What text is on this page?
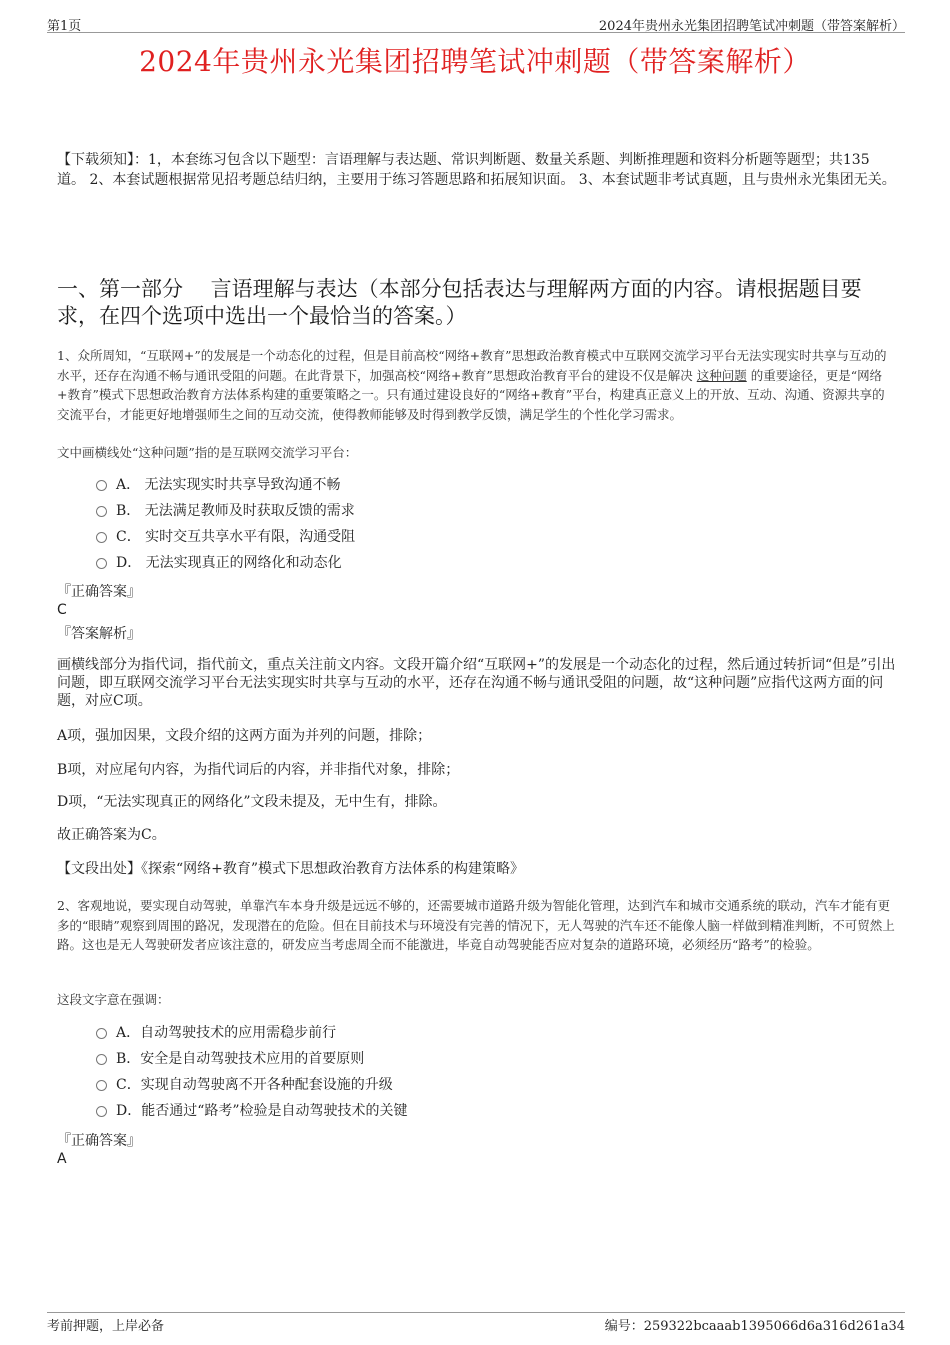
第1页	2024年贵州永光集团招聘笔试冲刺题（带答案解析）
2024年贵州永光集团招聘笔试冲刺题（带答案解析）
【下载须知】：1，本套练习包含以下题型：言语理解与表达题、常识判断题、数量关系题、判断推理题和资料分析题等题型；共135道。 2、本套试题根据常见招考题总结归纳，主要用于练习答题思路和拓展知识面。 3、本套试题非考试真题，且与贵州永光集团无关。
一、第一部分　 言语理解与表达（本部分包括表达与理解两方面的内容。请根据题目要求，在四个选项中选出一个最恰当的答案。）
1、众所周知，“互联网+”的发展是一个动态化的过程，但是目前高校“网络+教育”思想政治教育模式中互联网交流学习平台无法实现实时共享与互动的水平，还存在沟通不畅与通讯受阻的问题。在此背景下，加强高校“网络+教育”思想政治教育平台的建设不仅是解决 这种问题 的重要途径，更是“网络+教育”模式下思想政治教育方法体系构建的重要策略之一。只有通过建设良好的“网络+教育”平台，构建真正意义上的开放、互动、沟通、资源共享的交流平台，才能更好地增强师生之间的互动交流，使得教师能够及时得到教学反馈，满足学生的个性化学习需求。
文中画横线处“这种问题”指的是互联网交流学习平台：
A． 无法实现实时共享导致沟通不畅
B． 无法满足教师及时获取反馈的需求
C． 实时交互共享水平有限，沟通受阻
D． 无法实现真正的网络化和动态化
『正确答案』
C
『答案解析』
画横线部分为指代词，指代前文，重点关注前文内容。文段开篇介绍“互联网+”的发展是一个动态化的过程，然后通过转折词“但是”引出问题，即互联网交流学习平台无法实现实时共享与互动的水平，还存在沟通不畅与通讯受阻的问题，故“这种问题”应指代这两方面的问题，对应C项。
A项，强加因果，文段介绍的这两方面为并列的问题，排除；
B项，对应尾句内容，为指代词后的内容，并非指代对象，排除；
D项，“无法实现真正的网络化”文段未提及，无中生有，排除。
故正确答案为C。
【文段出处】《探索“网络+教育”模式下思想政治教育方法体系的构建策略》
2、客观地说，要实现自动驾驶，单靠汽车本身升级是远远不够的，还需要城市道路升级为智能化管理，达到汽车和城市交通系统的联动，汽车才能有更多的“眼睛”观察到周围的路况，发现潜在的危险。但在目前技术与环境没有完善的情况下，无人驾驶的汽车还不能像人脑一样做到精准判断，不可贸然上路。这也是无人驾驶研发者应该注意的，研发应当考虑周全而不能激进，毕竟自动驾驶能否应对复杂的道路环境，必须经历“路考”的检验。
这段文字意在强调：
A．自动驾驶技术的应用需稳步前行
B．安全是自动驾驶技术应用的首要原则
C．实现自动驾驶离不开各种配套设施的升级
D．能否通过“路考”检验是自动驾驶技术的关键
『正确答案』
A
考前押题，上岸必备	编号：259322bcaaab1395066d6a316d261a34
